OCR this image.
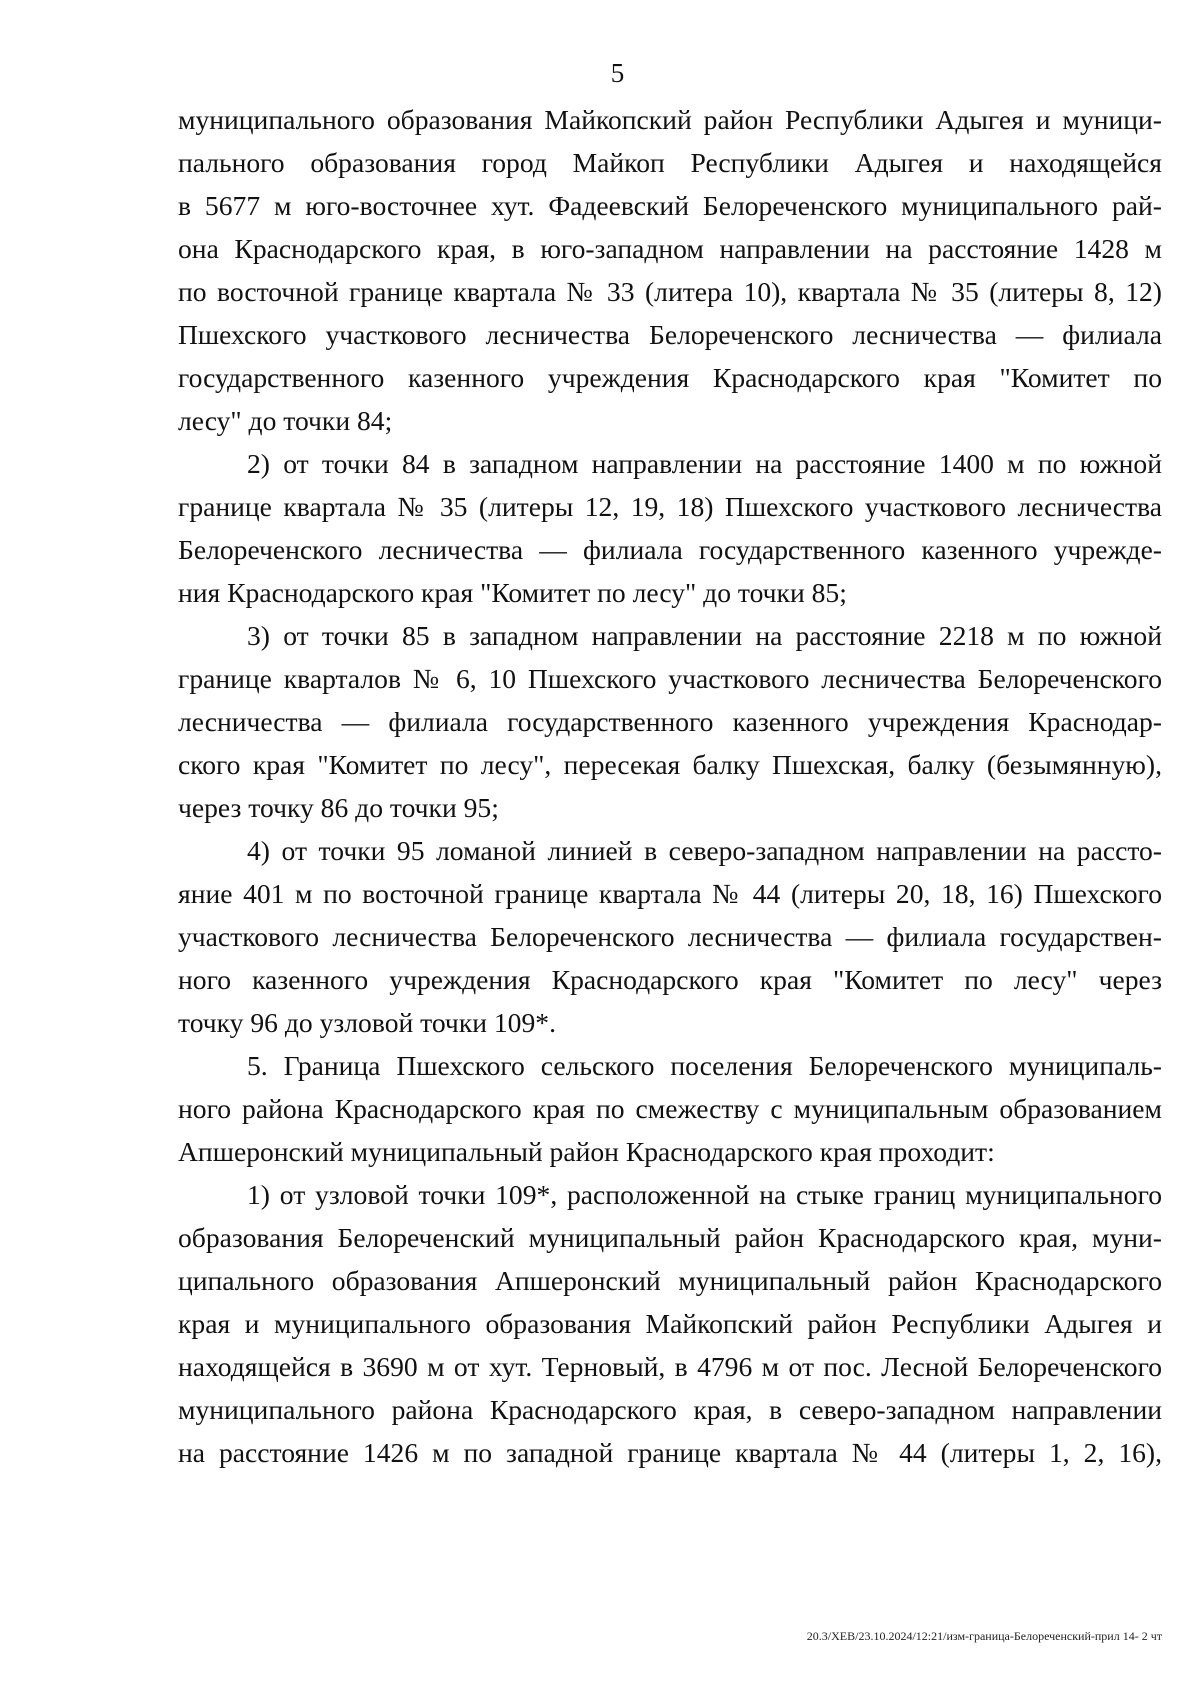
5
муниципального образования Майкопский район Республики Адыгея и муници-
пального образования город Майкоп Республики Адыгея и находящейся
в 5677 м юго-восточнее хут. Фадеевский Белореченского муниципального рай-
она Краснодарского края, в юго-западном направлении на расстояние 1428 м
по восточной границе квартала № 33 (литера 10), квартала № 35 (литеры 8, 12)
Пшехского участкового лесничества Белореченского лесничества — филиала
государственного казенного учреждения Краснодарского края "Комитет по
лесу" до точки 84;
2) от точки 84 в западном направлении на расстояние 1400 м по южной
границе квартала № 35 (литеры 12, 19, 18) Пшехского участкового лесничества
Белореченского лесничества — филиала государственного казенного учрежде-
ния Краснодарского края "Комитет по лесу" до точки 85;
3) от точки 85 в западном направлении на расстояние 2218 м по южной
границе кварталов № 6, 10 Пшехского участкового лесничества Белореченского
лесничества — филиала государственного казенного учреждения Краснодар-
ского края "Комитет по лесу", пересекая балку Пшехская, балку (безымянную),
через точку 86 до точки 95;
4) от точки 95 ломаной линией в северо-западном направлении на рассто-
яние 401 м по восточной границе квартала № 44 (литеры 20, 18, 16) Пшехского
участкового лесничества Белореченского лесничества — филиала государствен-
ного казенного учреждения Краснодарского края "Комитет по лесу" через
точку 96 до узловой точки 109*.
5. Граница Пшехского сельского поселения Белореченского муниципаль-
ного района Краснодарского края по смежеству с муниципальным образованием
Апшеронский муниципальный район Краснодарского края проходит:
1) от узловой точки 109*, расположенной на стыке границ муниципального
образования Белореченский муниципальный район Краснодарского края, муни-
ципального образования Апшеронский муниципальный район Краснодарского
края и муниципального образования Майкопский район Республики Адыгея и
находящейся в 3690 м от хут. Терновый, в 4796 м от пос. Лесной Белореченского
муниципального района Краснодарского края, в северо-западном направлении
на расстояние 1426 м по западной границе квартала № 44 (литеры 1, 2, 16),
20.3/ХЕВ/23.10.2024/12:21/изм-граница-Белореченский-прил 14- 2 чт
